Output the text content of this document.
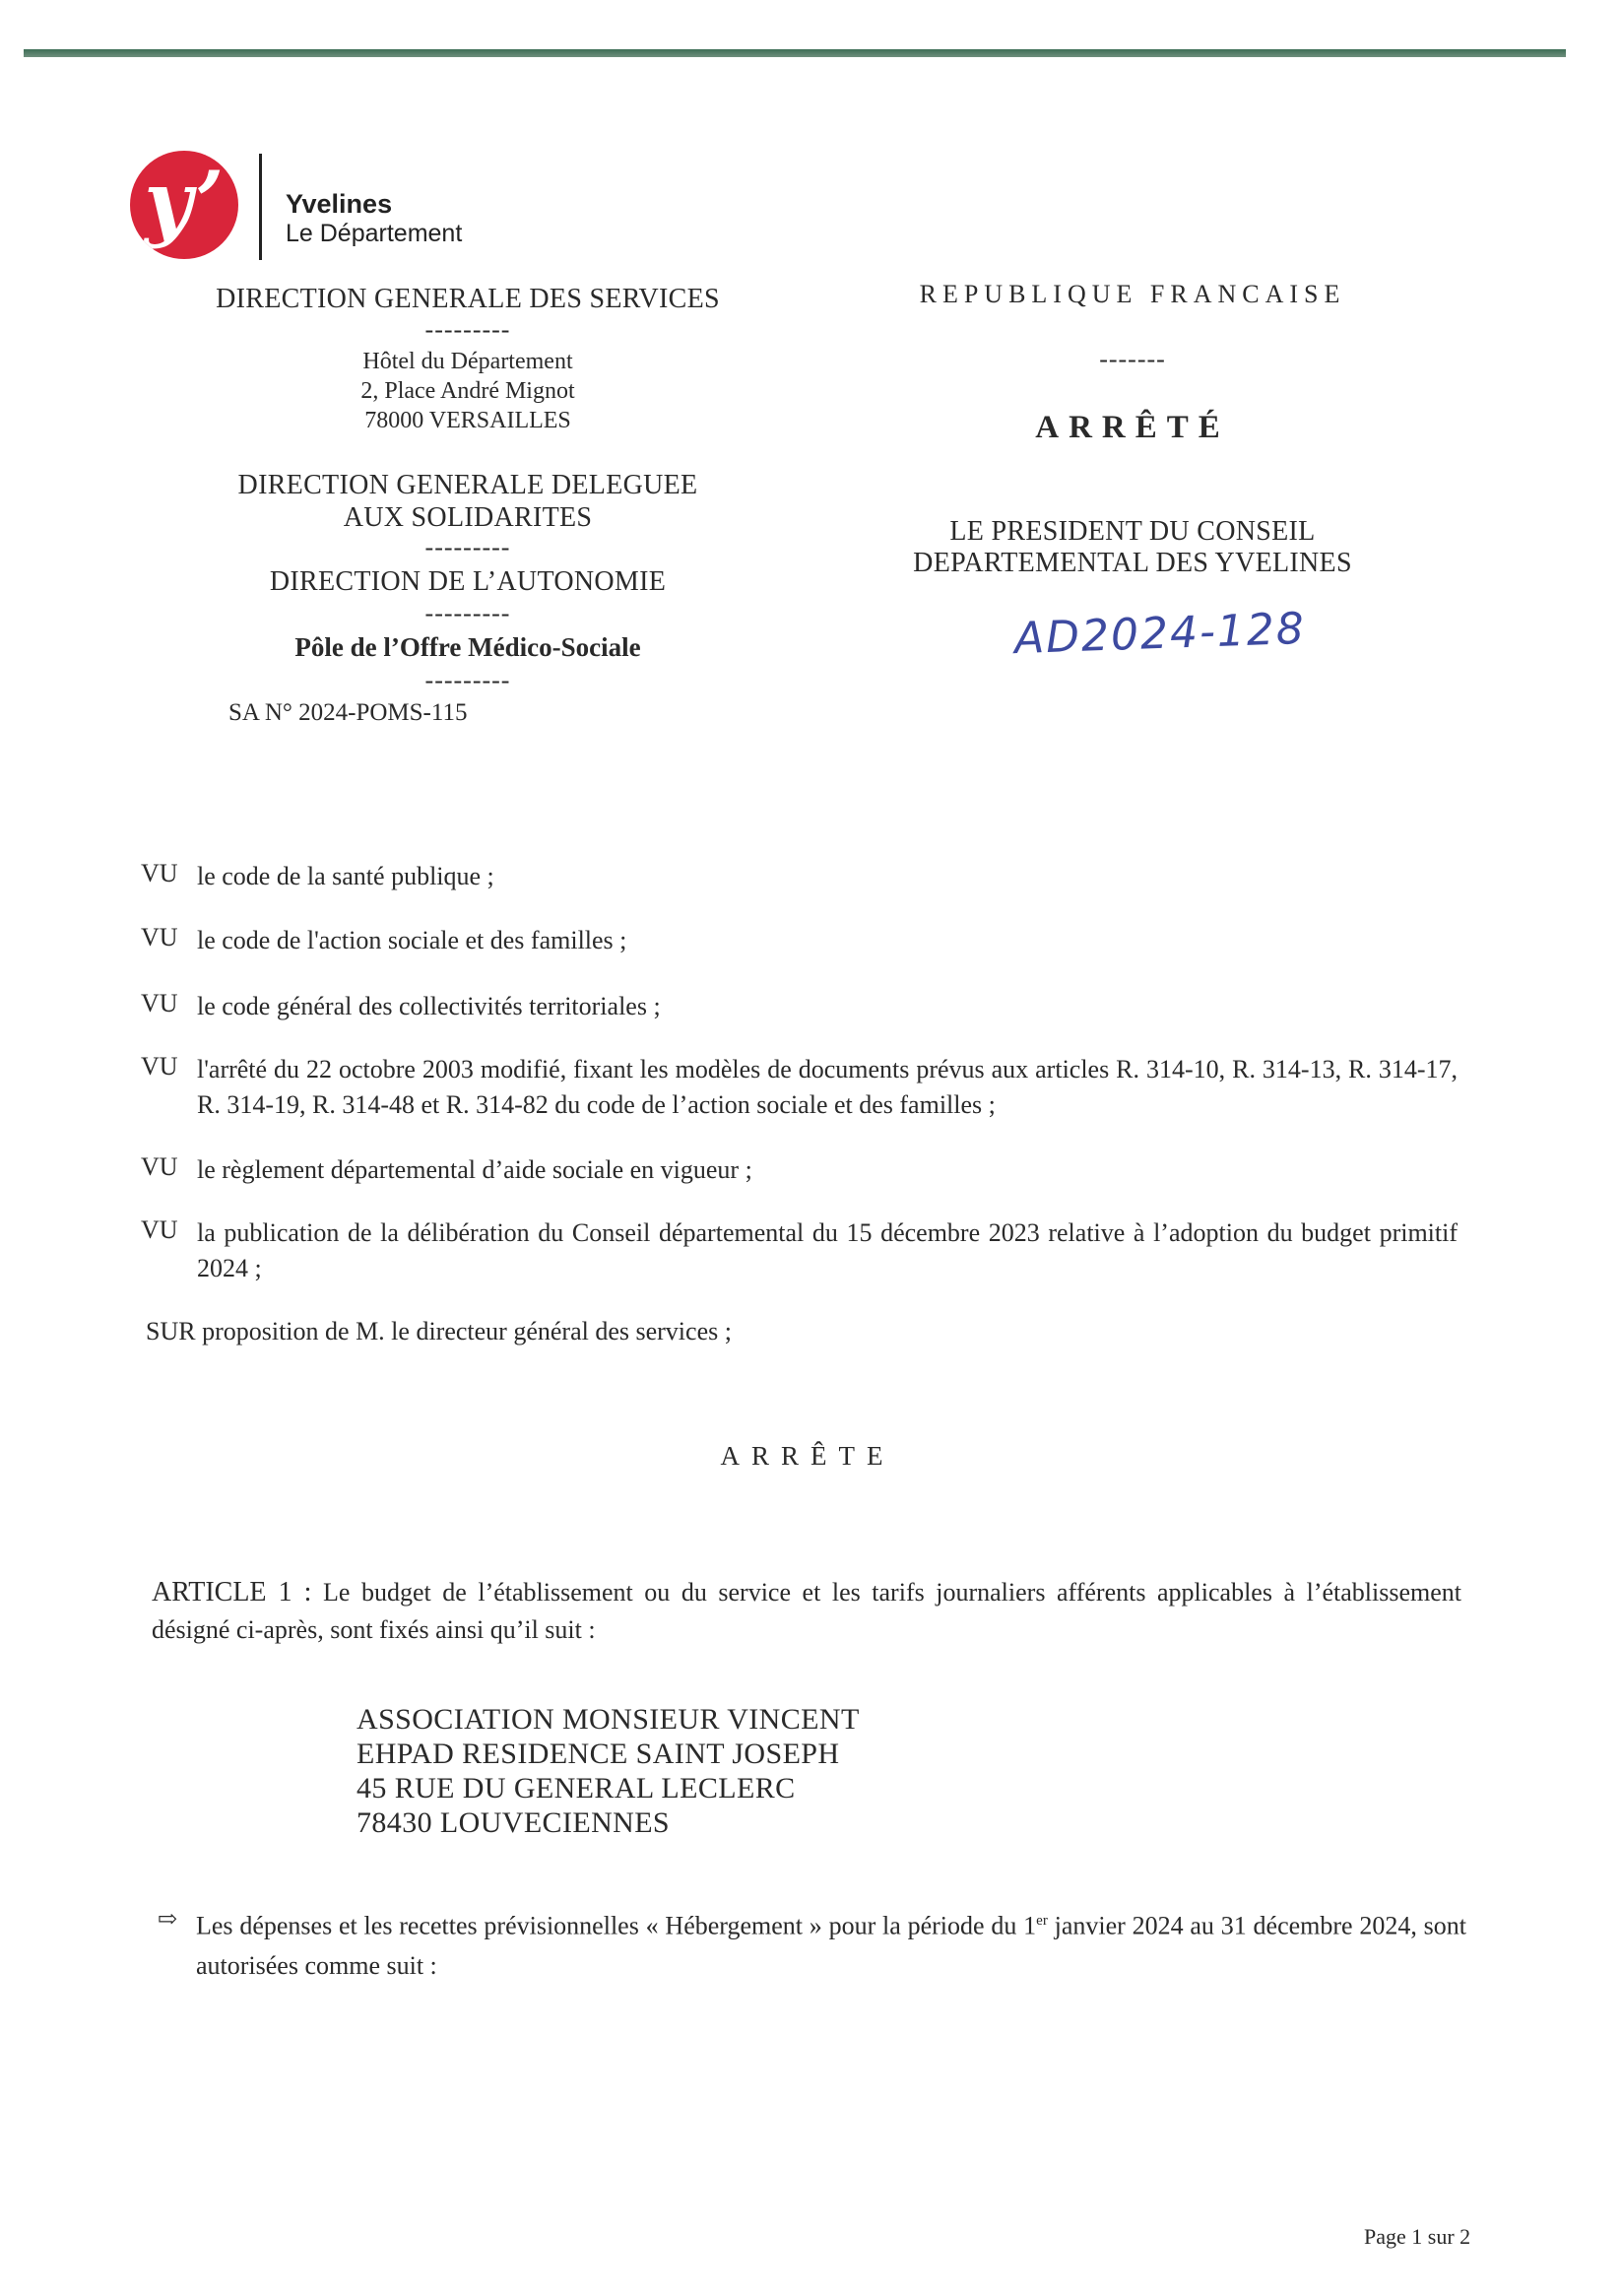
y’	Yvelines
Le Département
DIRECTION GENERALE DES SERVICES
---------
Hôtel du Département
2, Place André Mignot
78000 VERSAILLES
DIRECTION GENERALE DELEGUEE
AUX SOLIDARITES
---------
DIRECTION DE L’AUTONOMIE
---------
Pôle de l’Offre Médico-Sociale
---------
SA N° 2024-POMS-115
REPUBLIQUE FRANCAISE
-------
ARRÊTÉ
LE PRESIDENT DU CONSEIL
DEPARTEMENTAL DES YVELINES
AD2024-128
VU le code de la santé publique ;
VU le code de l'action sociale et des familles ;
VU le code général des collectivités territoriales ;
VU l'arrêté du 22 octobre 2003 modifié, fixant les modèles de documents prévus aux articles R. 314-10, R. 314-13, R. 314-17, R. 314-19, R. 314-48 et R. 314-82 du code de l’action sociale et des familles ;
VU le règlement départemental d’aide sociale en vigueur ;
VU la publication de la délibération du Conseil départemental du 15 décembre 2023 relative à l’adoption du budget primitif 2024 ;
SUR proposition de M. le directeur général des services ;
ARRÊTE
ARTICLE 1 : Le budget de l’établissement ou du service et les tarifs journaliers afférents applicables à l’établissement désigné ci-après, sont fixés ainsi qu’il suit :
ASSOCIATION MONSIEUR VINCENT
EHPAD RESIDENCE SAINT JOSEPH
45 RUE DU GENERAL LECLERC
78430 LOUVECIENNES
⇨ Les dépenses et les recettes prévisionnelles « Hébergement » pour la période du 1er janvier 2024 au 31 décembre 2024, sont autorisées comme suit :
Page 1 sur 2
